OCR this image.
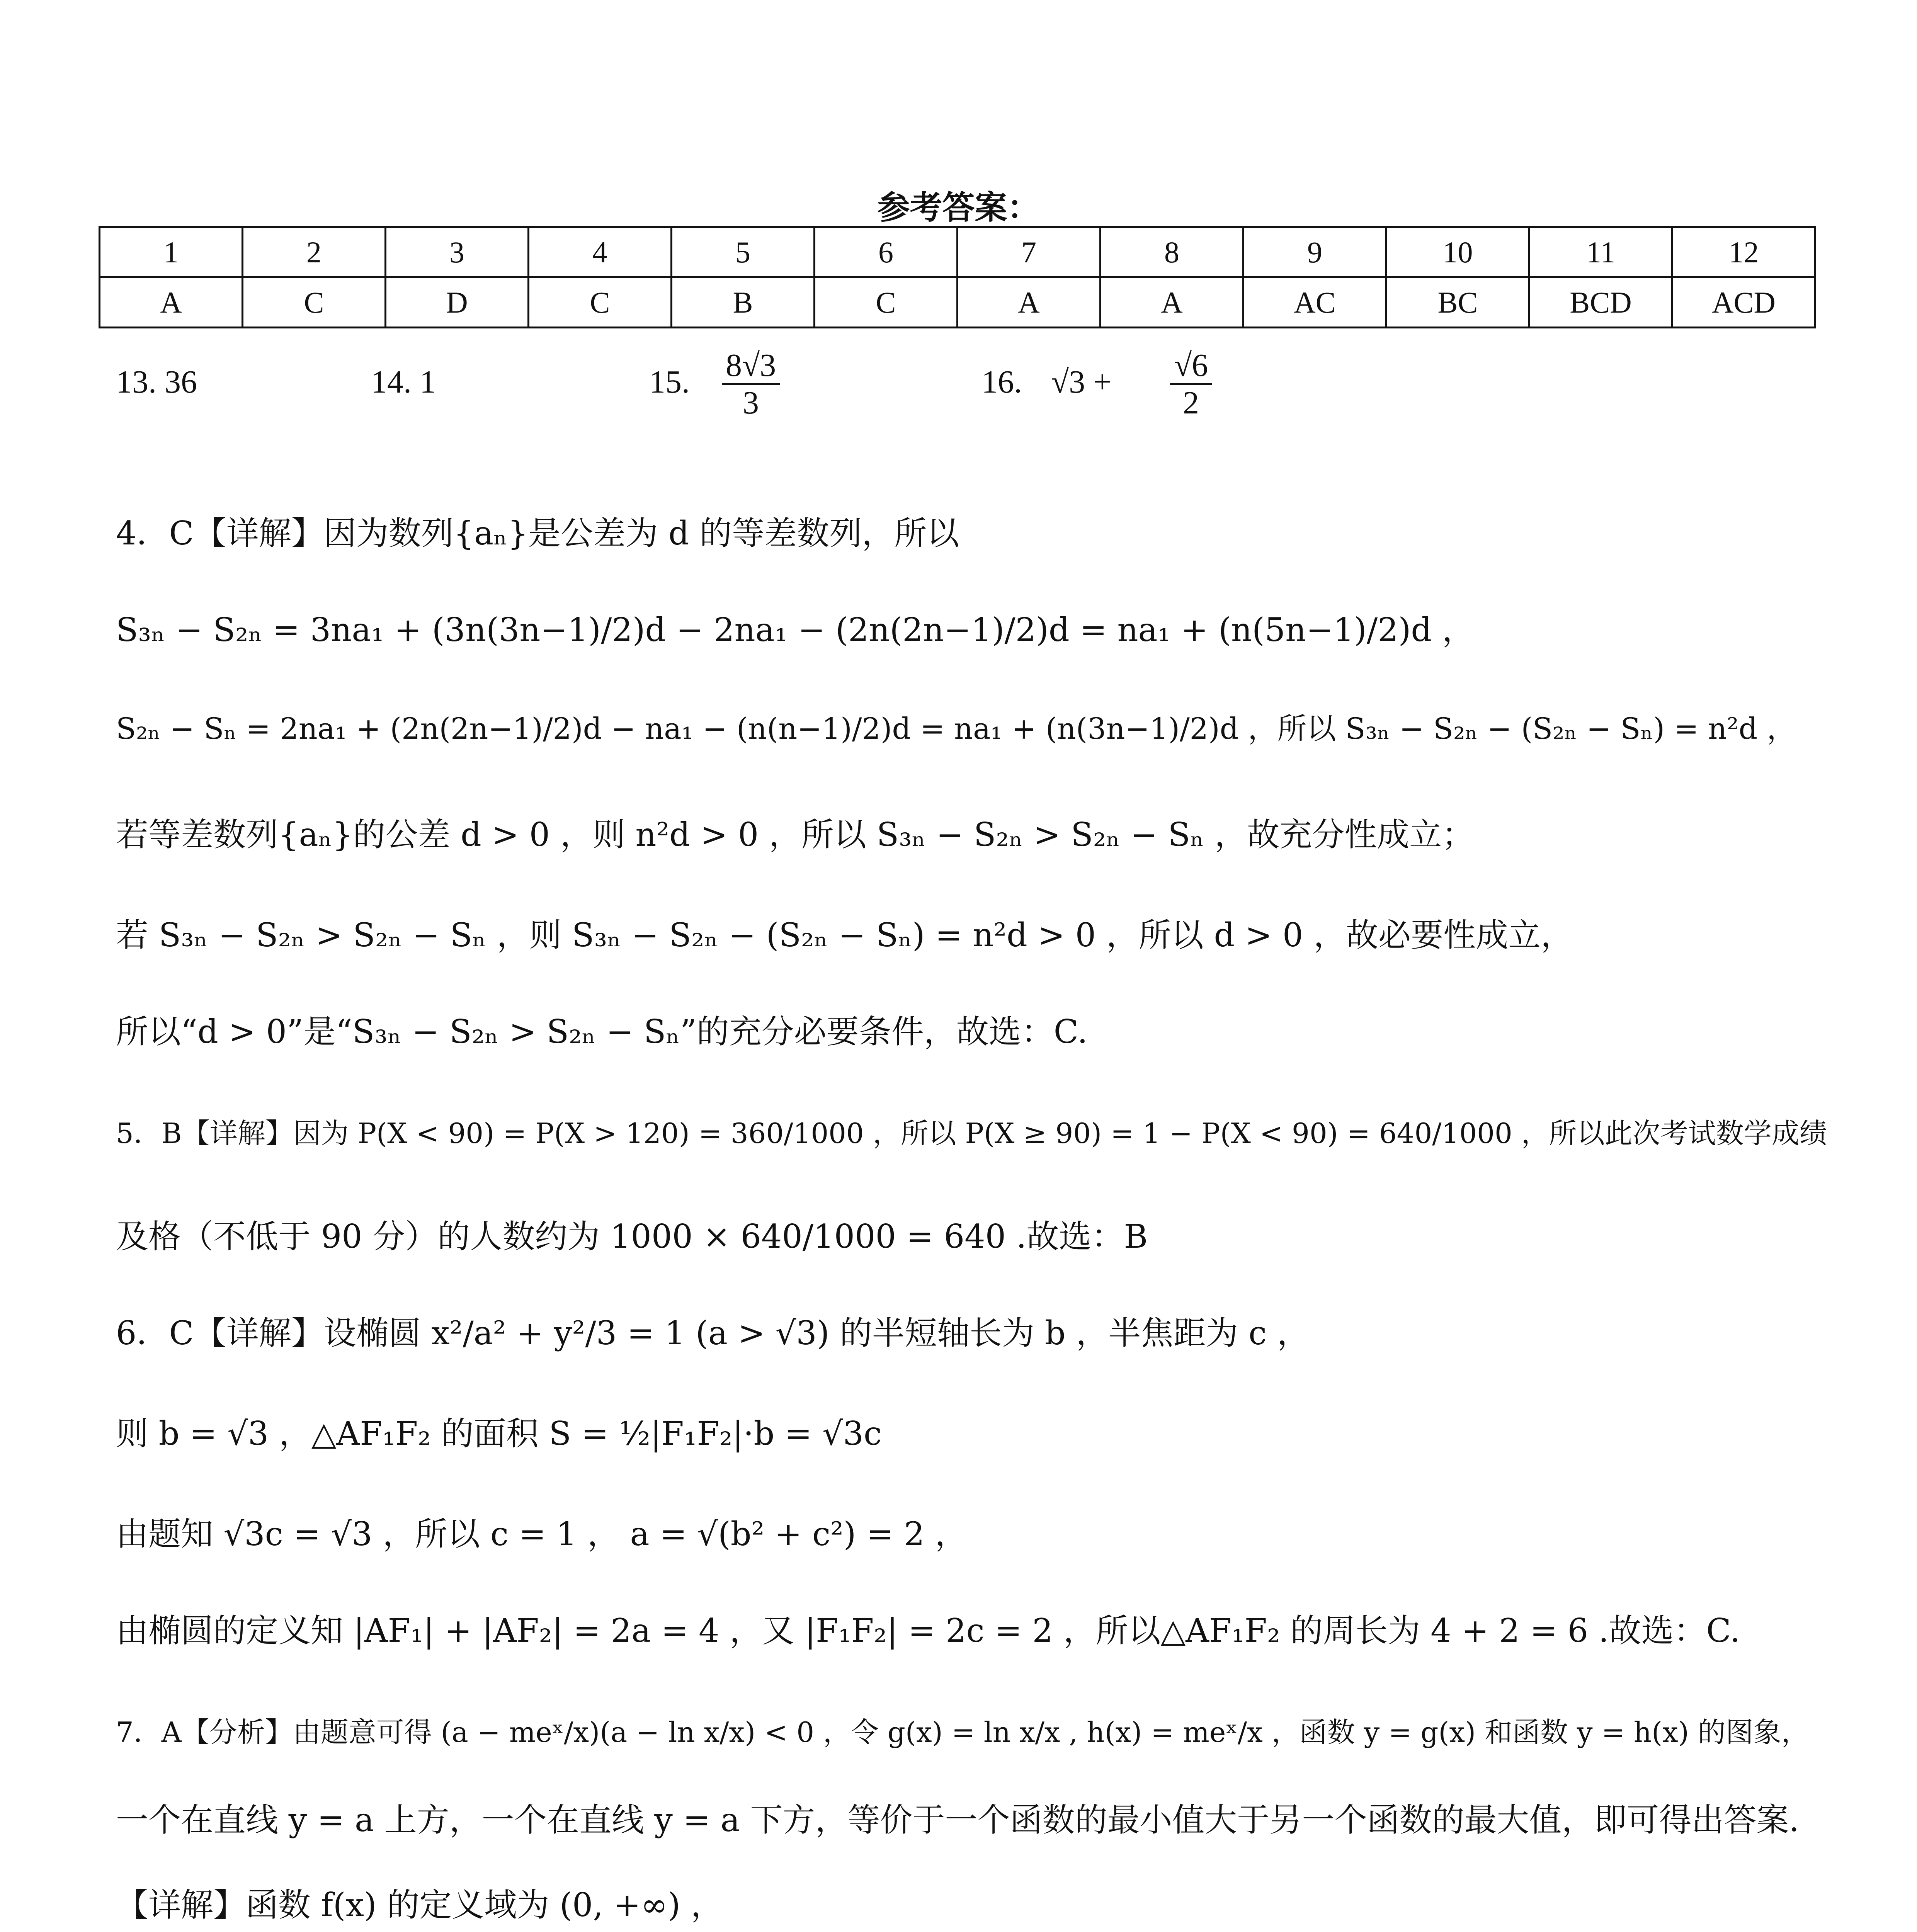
参考答案：
1	2	3	4	5	6	7	8	9	10	11	12
A	C	D	C	B	C	A	A	AC	BC	BCD	ACD
13. 36	14. 1	15. $\frac{8√3}{3}$	16. $√3 + \frac{√6}{2}$
4．C【详解】因为数列{aₙ}是公差为 d 的等差数列，所以
S₃ₙ − S₂ₙ = 3na₁ + (3n(3n−1)/2)d − 2na₁ − (2n(2n−1)/2)d = na₁ + (n(5n−1)/2)d ，
S₂ₙ − Sₙ = 2na₁ + (2n(2n−1)/2)d − na₁ − (n(n−1)/2)d = na₁ + (n(3n−1)/2)d ，所以 S₃ₙ − S₂ₙ − (S₂ₙ − Sₙ) = n²d ，
若等差数列{aₙ}的公差 d > 0 ，则 n²d > 0 ，所以 S₃ₙ − S₂ₙ > S₂ₙ − Sₙ ，故充分性成立；
若 S₃ₙ − S₂ₙ > S₂ₙ − Sₙ ，则 S₃ₙ − S₂ₙ − (S₂ₙ − Sₙ) = n²d > 0 ，所以 d > 0 ，故必要性成立，
所以“d > 0”是“S₃ₙ − S₂ₙ > S₂ₙ − Sₙ”的充分必要条件，故选：C.
5．B【详解】因为 P(X < 90) = P(X > 120) = 360/1000 ，所以 P(X ≥ 90) = 1 − P(X < 90) = 640/1000 ，所以此次考试数学成绩
及格（不低于 90 分）的人数约为 1000 × 640/1000 = 640 .故选：B
6．C【详解】设椭圆 x²/a² + y²/3 = 1 (a > √3) 的半短轴长为 b ，半焦距为 c ，
则 b = √3 ，△AF₁F₂ 的面积 S = ½|F₁F₂|·b = √3c
由题知 √3c = √3 ，所以 c = 1 ， a = √(b² + c²) = 2 ，
由椭圆的定义知 |AF₁| + |AF₂| = 2a = 4 ，又 |F₁F₂| = 2c = 2 ，所以△AF₁F₂ 的周长为 4 + 2 = 6 .故选：C.
7．A【分析】由题意可得 (a − meˣ/x)(a − ln x/x) < 0 ，令 g(x) = ln x/x , h(x) = meˣ/x ，函数 y = g(x) 和函数 y = h(x) 的图象，
一个在直线 y = a 上方，一个在直线 y = a 下方，等价于一个函数的最小值大于另一个函数的最大值，即可得出答案.
【详解】函数 f(x) 的定义域为 (0, +∞) ，
